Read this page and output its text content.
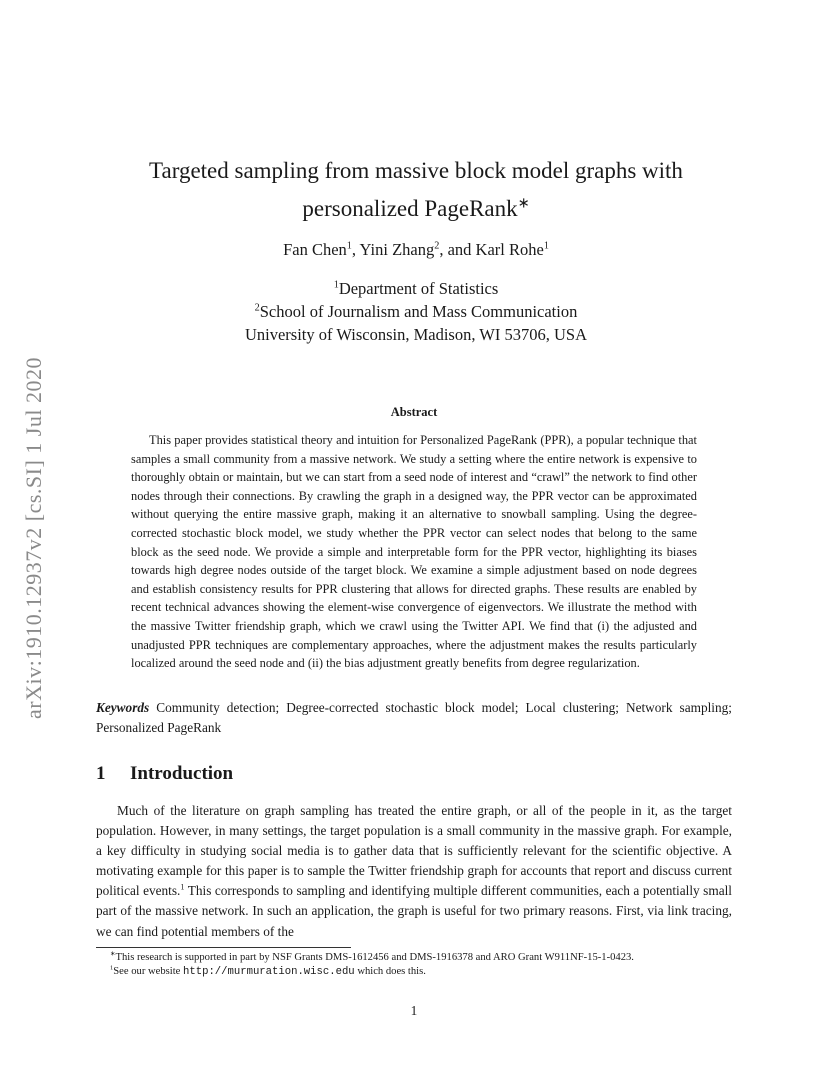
arXiv:1910.12937v2 [cs.SI] 1 Jul 2020
Targeted sampling from massive block model graphs with
personalized PageRank∗
Fan Chen$^1$, Yini Zhang$^2$, and Karl Rohe$^1$
$^1$Department of Statistics
$^2$School of Journalism and Mass Communication
University of Wisconsin, Madison, WI 53706, USA
Abstract

This paper provides statistical theory and intuition for Personalized PageRank (PPR), a popular technique that samples a small community from a massive network. We study a setting where the entire network is expensive to thoroughly obtain or maintain, but we can start from a seed node of interest and “crawl” the network to find other nodes through their connections. By crawling the graph in a designed way, the PPR vector can be approximated without querying the entire massive graph, making it an alternative to snowball sampling. Using the degree-corrected stochastic block model, we study whether the PPR vector can select nodes that belong to the same block as the seed node. We provide a simple and interpretable form for the PPR vector, highlighting its biases towards high degree nodes outside of the target block. We examine a simple adjustment based on node degrees and establish consistency results for PPR clustering that allows for directed graphs. These results are enabled by recent technical advances showing the element-wise convergence of eigenvectors. We illustrate the method with the massive Twitter friendship graph, which we crawl using the Twitter API. We find that (i) the adjusted and unadjusted PPR techniques are complementary approaches, where the adjustment makes the results particularly localized around the seed node and (ii) the bias adjustment greatly benefits from degree regularization.

Keywords Community detection; Degree-corrected stochastic block model; Local clustering; Network sampling; Personalized PageRank

1 Introduction

Much of the literature on graph sampling has treated the entire graph, or all of the people in it, as the target population. However, in many settings, the target population is a small community in the massive graph. For example, a key difficulty in studying social media is to gather data that is sufficiently relevant for the scientific objective. A motivating example for this paper is to sample the Twitter friendship graph for accounts that report and discuss current political events.$^1$ This corresponds to sampling and identifying multiple different communities, each a potentially small part of the massive network. In such an application, the graph is useful for two primary reasons. First, via link tracing, we can find potential members of the

∗This research is supported in part by NSF Grants DMS-1612456 and DMS-1916378 and ARO Grant W911NF-15-1-0423.
$^1$See our website http://murmuration.wisc.edu which does this.
1
